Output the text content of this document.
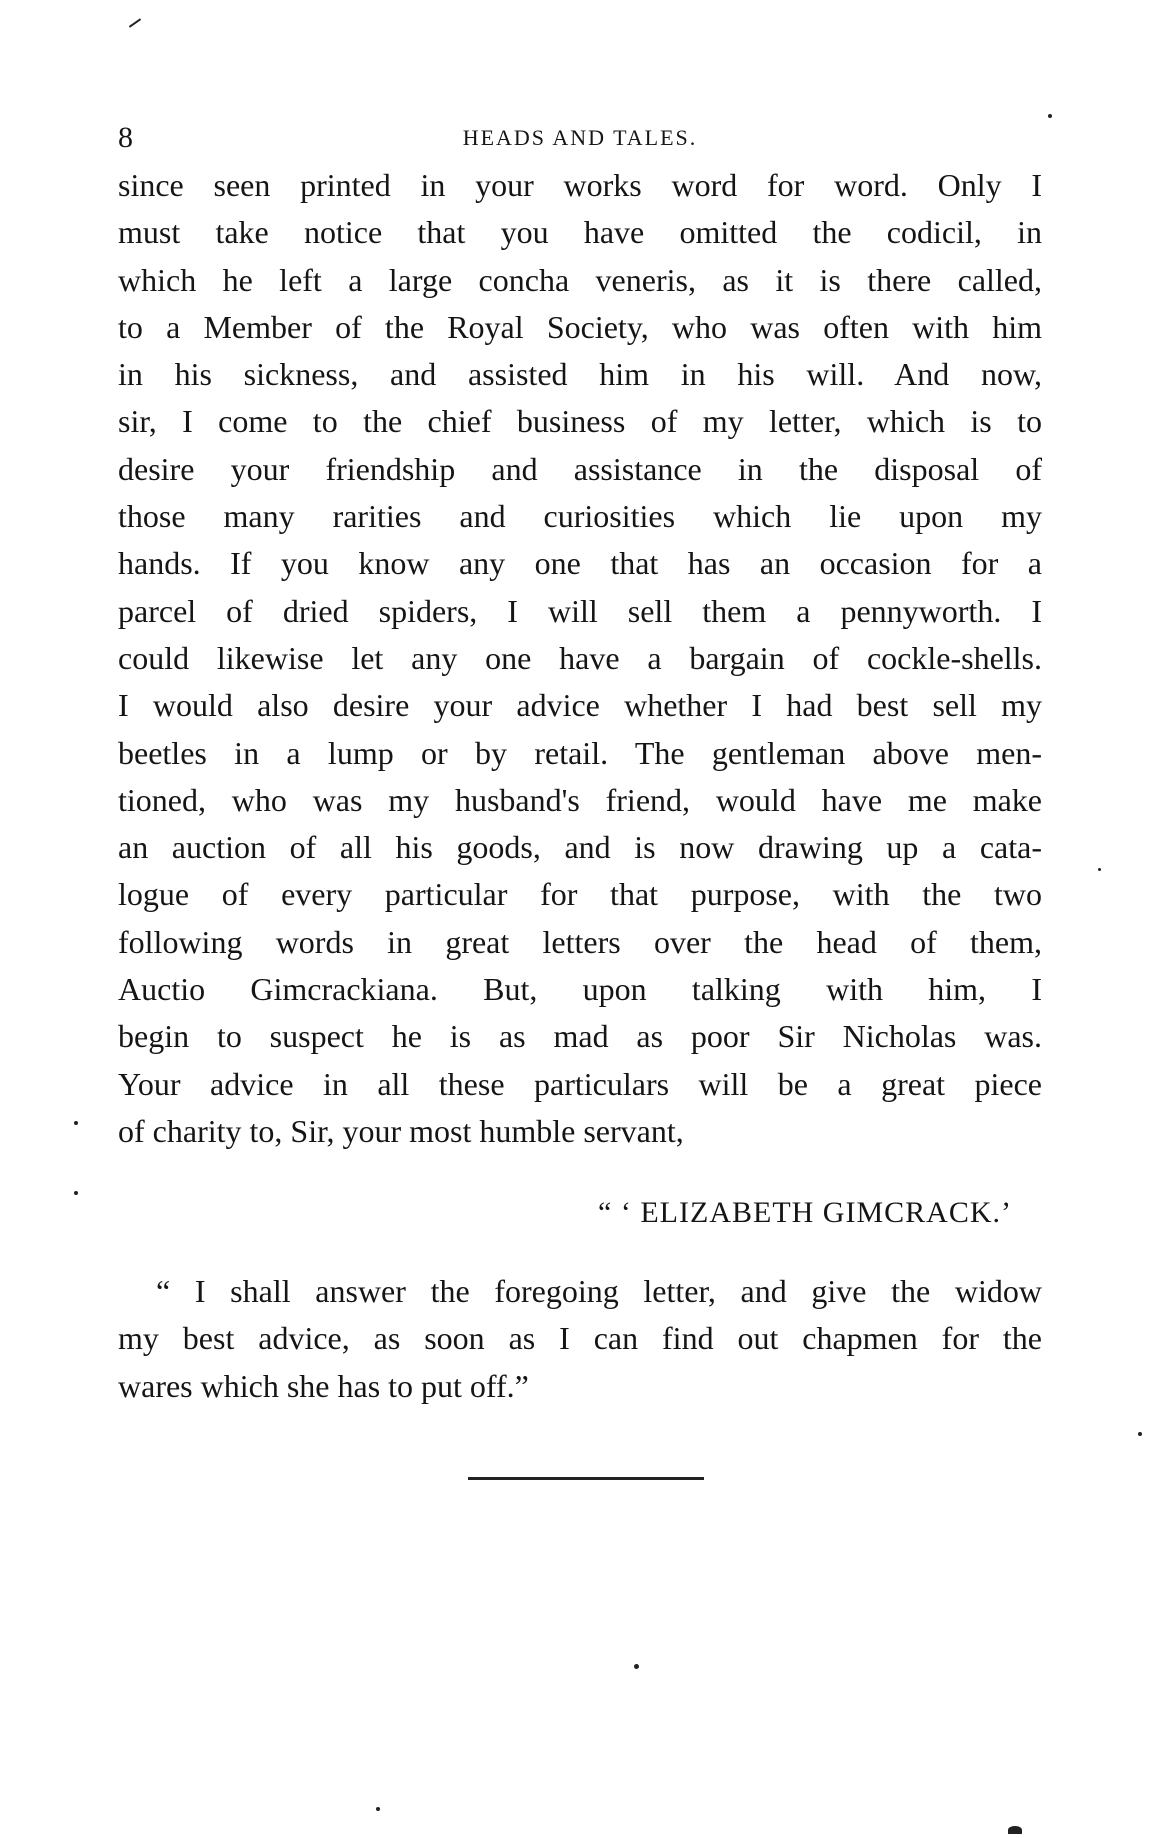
8	HEADS AND TALES.
since seen printed in your works word for word. Only I
must take notice that you have omitted the codicil, in
which he left a large concha veneris, as it is there called,
to a Member of the Royal Society, who was often with him
in his sickness, and assisted him in his will. And now,
sir, I come to the chief business of my letter, which is to
desire your friendship and assistance in the disposal of
those many rarities and curiosities which lie upon my
hands. If you know any one that has an occasion for a
parcel of dried spiders, I will sell them a pennyworth. I
could likewise let any one have a bargain of cockle-shells.
I would also desire your advice whether I had best sell my
beetles in a lump or by retail. The gentleman above men-
tioned, who was my husband's friend, would have me make
an auction of all his goods, and is now drawing up a cata-
logue of every particular for that purpose, with the two
following words in great letters over the head of them,
Auctio Gimcrackiana. But, upon talking with him, I
begin to suspect he is as mad as poor Sir Nicholas was.
Your advice in all these particulars will be a great piece
of charity to, Sir, your most humble servant,
“ ‘ ELIZABETH GIMCRACK.’
“ I shall answer the foregoing letter, and give the widow
my best advice, as soon as I can find out chapmen for the
wares which she has to put off.”
